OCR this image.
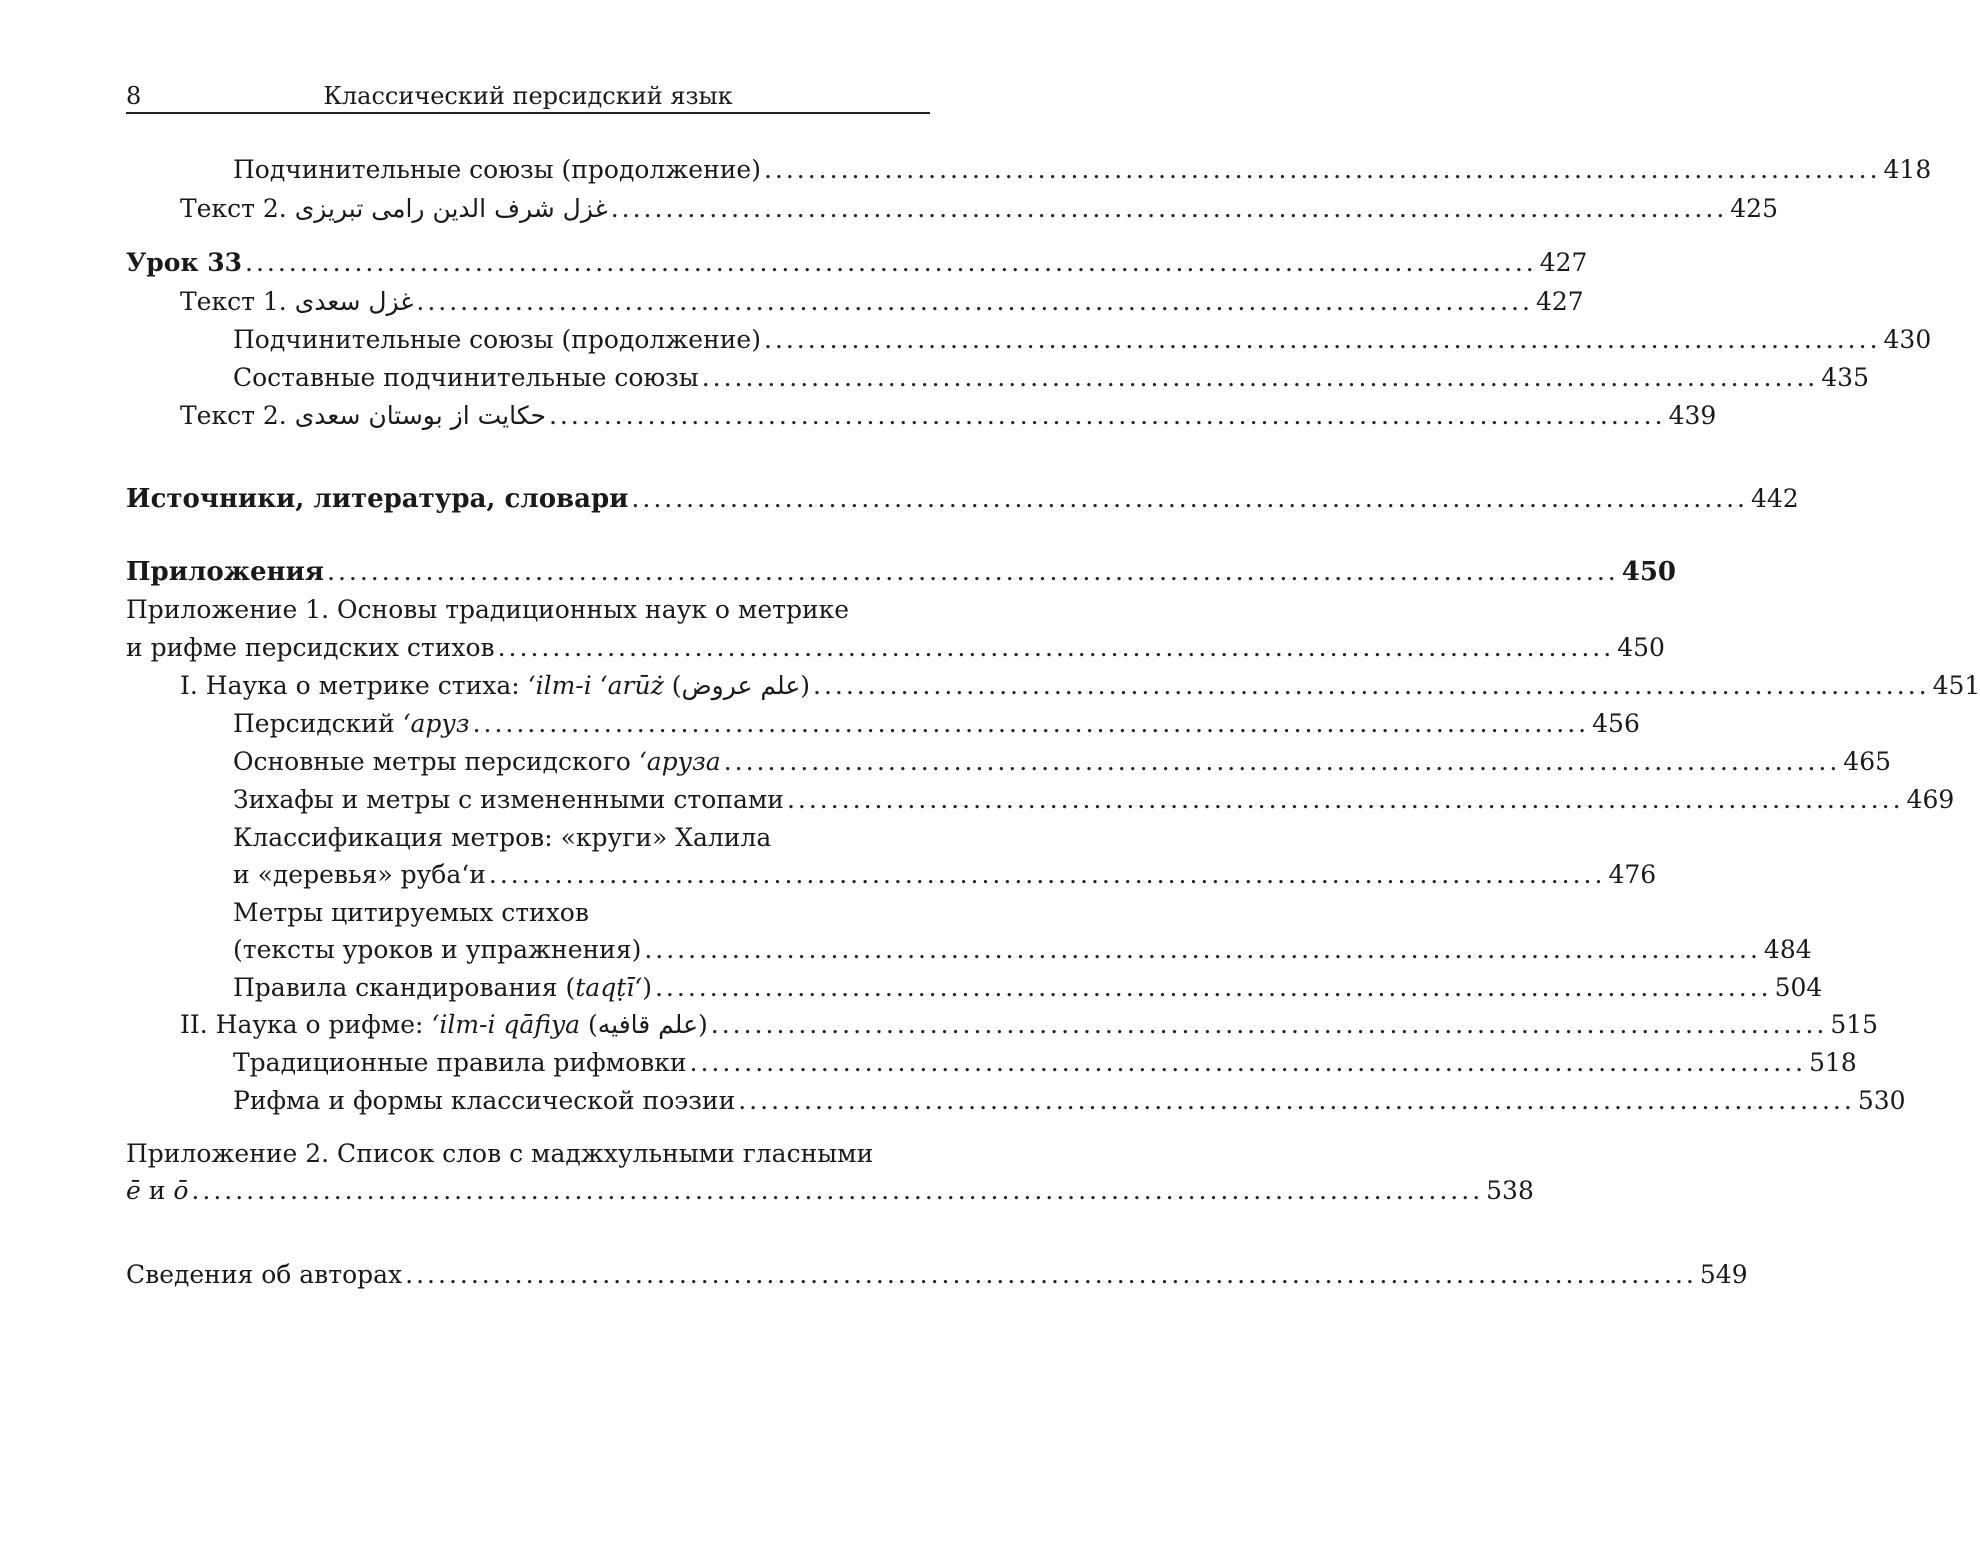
8	Классический персидский язык
Подчинительные союзы (продолжение) ...................................................................................................... 418
Текст 2. غزل شرف الدين رامى تبريزى ...................................................................................................... 425
Урок 33 ...................................................................................................................... 427
Текст 1. غزل سعدى ...................................................................................................... 427
Подчинительные союзы (продолжение) ...................................................................................................... 430
Составные подчинительные союзы ...................................................................................................... 435
Текст 2. حكايت از بوستان سعدى ...................................................................................................... 439
Источники, литература, словари ...................................................................................................... 442
Приложения ...................................................................................................................... 450
Приложение 1. Основы традиционных наук о метрике
и рифме персидских стихов ...................................................................................................... 450
I. Наука о метрике стиха: ‘ilm-i ‘arūż (علم عروض) ...................................................................................................... 451
Персидский ‘аруз ...................................................................................................... 456
Основные метры персидского ‘аруза ...................................................................................................... 465
Зихафы и метры с измененными стопами ...................................................................................................... 469
Классификация метров: «круги» Халила
и «деревья» руба‘и ...................................................................................................... 476
Метры цитируемых стихов
(тексты уроков и упражнения) ...................................................................................................... 484
Правила скандирования (taqṭī‘) ...................................................................................................... 504
II. Наука о рифме: ‘ilm-i qāfiya (علم قافيه) ...................................................................................................... 515
Традиционные правила рифмовки ...................................................................................................... 518
Рифма и формы классической поэзии ...................................................................................................... 530
Приложение 2. Список слов с маджхульными гласными
ē и ō ...................................................................................................................... 538
Сведения об авторах ...................................................................................................................... 549
